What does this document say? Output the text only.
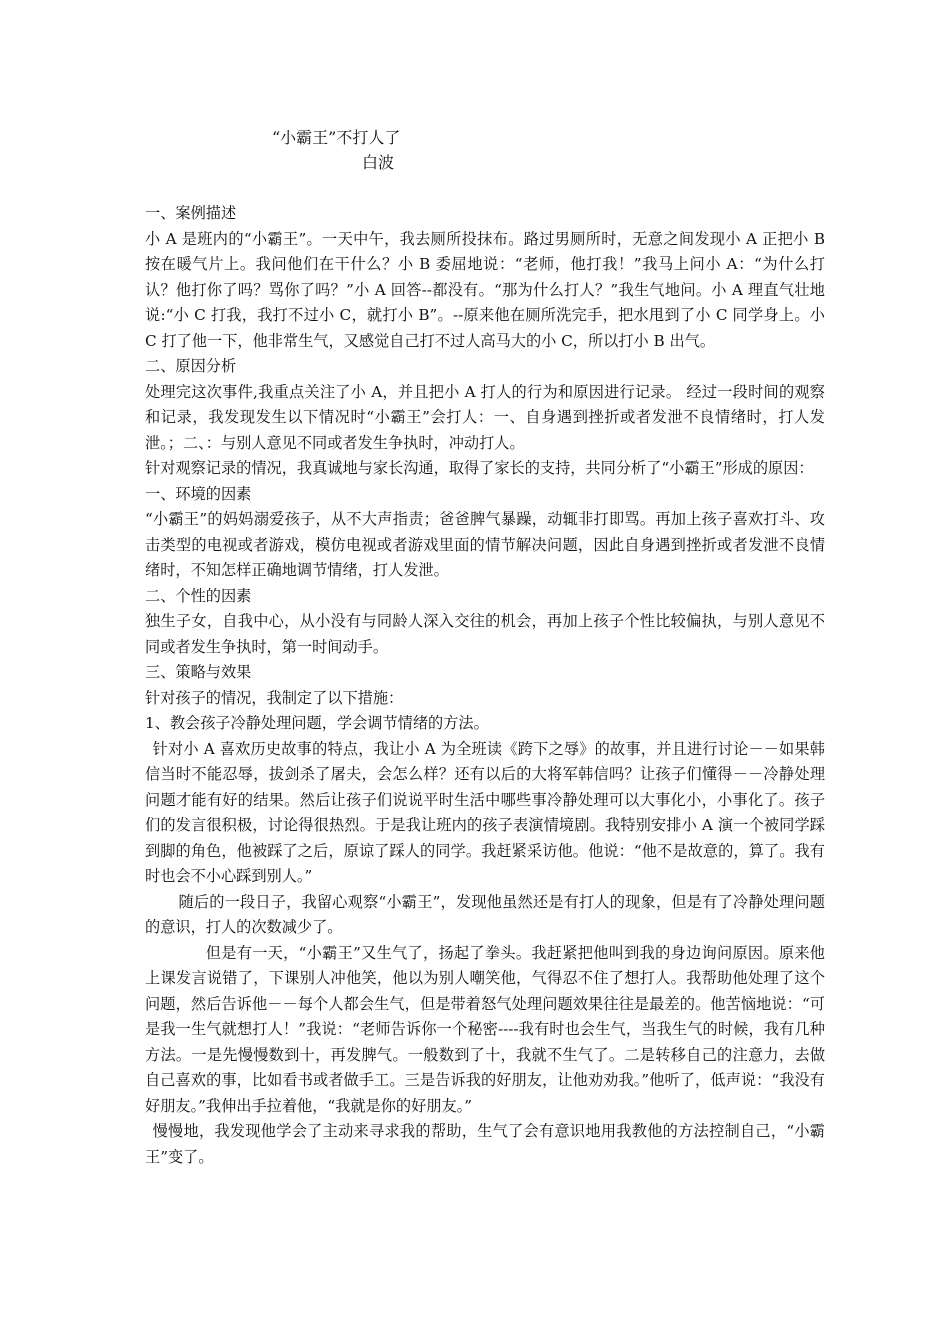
“小霸王”不打人了
白波

一、案例描述

小 A 是班内的“小霸王”。一天中午，我去厕所投抹布。路过男厕所时，无意之间发现小 A 正把小 B 按在暖气片上。我问他们在干什么？小 B 委屈地说：“老师，他打我！”我马上问小 A：“为什么打认？他打你了吗？骂你了吗？”小 A 回答--都没有。“那为什么打人？”我生气地问。小 A 理直气壮地说:“小 C 打我，我打不过小 C，就打小 B”。--原来他在厕所洗完手，把水甩到了小 C 同学身上。小 C 打了他一下，他非常生气，又感觉自己打不过人高马大的小 C，所以打小 B 出气。

二、原因分析

处理完这次事件,我重点关注了小 A，并且把小 A 打人的行为和原因进行记录。 经过一段时间的观察和记录，我发现发生以下情况时“小霸王”会打人：一、自身遇到挫折或者发泄不良情绪时，打人发泄。；二、：与别人意见不同或者发生争执时，冲动打人。

针对观察记录的情况，我真诚地与家长沟通，取得了家长的支持，共同分析了“小霸王”形成的原因：

一、环境的因素

“小霸王”的妈妈溺爱孩子，从不大声指责；爸爸脾气暴躁，动辄非打即骂。再加上孩子喜欢打斗、攻击类型的电视或者游戏，模仿电视或者游戏里面的情节解决问题，因此自身遇到挫折或者发泄不良情绪时，不知怎样正确地调节情绪，打人发泄。

二、个性的因素

独生子女，自我中心，从小没有与同龄人深入交往的机会，再加上孩子个性比较偏执，与别人意见不同或者发生争执时，第一时间动手。

三、策略与效果

针对孩子的情况，我制定了以下措施：

1、教会孩子冷静处理问题，学会调节情绪的方法。

针对小 A 喜欢历史故事的特点，我让小 A 为全班读《跨下之辱》的故事，并且进行讨论－－如果韩信当时不能忍辱，拔剑杀了屠夫，会怎么样？还有以后的大将军韩信吗？让孩子们懂得－－冷静处理问题才能有好的结果。然后让孩子们说说平时生活中哪些事冷静处理可以大事化小，小事化了。孩子们的发言很积极，讨论得很热烈。于是我让班内的孩子表演情境剧。我特别安排小 A 演一个被同学踩到脚的角色，他被踩了之后，原谅了踩人的同学。我赶紧采访他。他说：“他不是故意的，算了。我有时也会不小心踩到别人。”

随后的一段日子，我留心观察“小霸王”，发现他虽然还是有打人的现象，但是有了冷静处理问题的意识，打人的次数减少了。

但是有一天，“小霸王”又生气了，扬起了拳头。我赶紧把他叫到我的身边询问原因。原来他上课发言说错了，下课别人冲他笑，他以为别人嘲笑他，气得忍不住了想打人。我帮助他处理了这个问题，然后告诉他－－每个人都会生气，但是带着怒气处理问题效果往往是最差的。他苦恼地说：“可是我一生气就想打人！”我说：“老师告诉你一个秘密----我有时也会生气，当我生气的时候，我有几种方法。一是先慢慢数到十，再发脾气。一般数到了十，我就不生气了。二是转移自己的注意力，去做自己喜欢的事，比如看书或者做手工。三是告诉我的好朋友，让他劝劝我。”他听了，低声说：“我没有好朋友。”我伸出手拉着他，“我就是你的好朋友。”

慢慢地，我发现他学会了主动来寻求我的帮助，生气了会有意识地用我教他的方法控制自己，“小霸王”变了。
